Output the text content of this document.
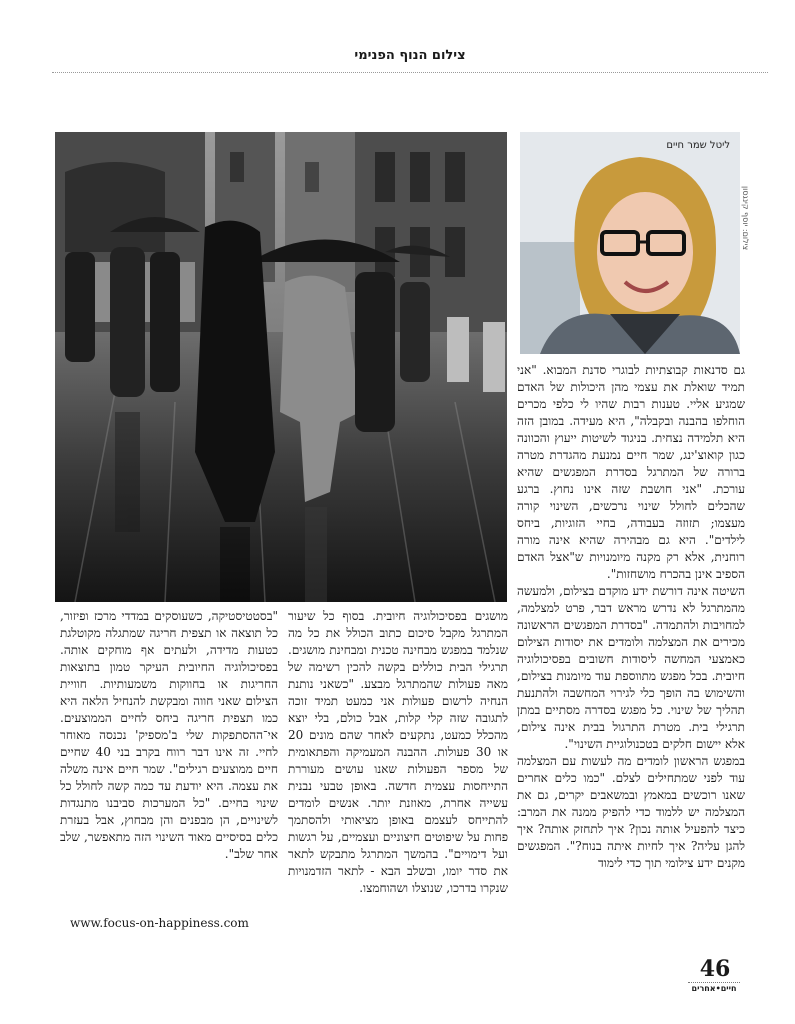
צילום הנוף הפנימי
ליטל שמר חיים
צילום: יוסף קינגסון

גם סדנאות קבוצתיות לבוגרי סדנת המבוא. "אני תמיד שואלת את עצמי מהן היכולות של האדם שמגיע אליי. טענות רבות שהיו לי כלפי מכרים הוחלפו בהבנה ובקבלה", היא מעידה. במובן הזה היא תלמידה נצחית. בניגוד לשיטות ייעוץ והכוונה כגון קואוצ'ינג, שמר חיים נמנעת מהגדרת מטרה ברורה של המתרגל בסדרת המפגשים שהיא עורכת. "אני חושבת שזה אינו נחוץ. ברגע שהכלים לחולל שינוי נרכשים, השינוי קורה מעצמו; תזוזה בעבודה, בחיי הזוגיות, ביחס לילדים". היא גם מבהירה שהיא אינה מורה רוחנית, אלא רק מקנה מיומנויות ש"אצל האדם הספיב אינן בהכרח מושחזות".

השיטה אינה דורשת ידע מוקדם בצילום, ולמעשה מהמתרגל לא נדרש מראש דבר, פרט למצלמה, למחויבות ולהתמדה. "בסדרת המפגשים הראשונה מכירים את המצלמה ולומדים את יסודות הצילום כאמצעי המחשה ליסודות חשובים בפסיכולוגיה חיובית. בכל מפגש מתווספת עוד מיומנות בצילום, והשימוש בה הופך כלי לגירוי המחשבה ולהתנעת תהליך של שינוי. כל מפגש בסדרה מסתיים במתן תרגילי בית. מטרת התרגול בבית אינה צילום, אלא יישום חלקים בטכנולוגיית השינוי".

במפגש הראשון לומדים מה לעשות עם המצלמה עוד לפני שמתחילים לצלם. "כמו כלים אחרים שאנו רוכשים במאמץ ובמשאבים יקרים, גם את המצלמה יש ללמוד כדי להפיק ממנה את המרב: כיצד להפעיל אותה נכון? איך לתחזק אותה? איך להגן עליה? איך לחיות איתה בנוח?". המפגשים מקנים ידע צילומי תוך כדי לימוד

מושגים בפסיכולוגיה חיובית. בסוף כל שיעור המתרגל מקבל סיכום כתוב הכולל את כל מה שנלמד במפגש מבחינה טכנית ומבחינת מושגים. תרגילי הבית כוללים בקשה להכין רשימה של מאה פעולות שהמתרגל מבצע. "כשאני נותנת הנחיה לרשום פעולות אני כמעט תמיד זוכה לתגובה שזה קלי קלות, אבל כולם, בלי יוצא מהכלל כמעט, נתקעים לאחר שהם מונים 20 או 30 פעולות. ההבנה המעמיקה והפתאומית של מספר הפעולות שאנו עושים מעוררת התייחסות עצמית חדשה. באופן טבעי נבנית עשייה אחרת, מאוזנת יותר. אנשים לומדים להתייחס לעצמם באופן מציאותי ולהסתמך פחות על שיפוטים חיצוניים ועצמיים, על רגשות ועל דימויים". בהמשך המתרגל מתבקש לתאר את סדר יומו, ובשלב הבא - לתאר הזדמנויות שנקרו בדרכו, שנוצלו ושהוחמצו.

"בסטטיסטיקה, כשעוסקים במדדי מרכז ופיזור, כל תוצאה או תצפית חריגה שמתגלה מקוטלגת כטעות מדידה, ולעתים אף מוחקים אותה. בפסיכולוגיה החיובית העיקר טמון בתוצאות החריגות או בחווקות משמעותיות. חוויית הצילום שאני חווה ומבקשת להנחיל הלאה היא כמו תצפית חריגה ביחס לחיים הממוצעים. אי־ההסתפקות שלי ב'מספיק' נכנסה מאוחר לחיי. זה אינו דבר רווח בקרב בני 40 שחיים חיים ממוצעים רגילים". שמר חיים אינה משלה את עצמה. היא יודעת עד כמה קשה לחולל כל שינוי בחיים. "כל המערכות סביבנו מתנגדות לשינויים, הן מבפנים והן מבחוץ, אבל בעזרת כלים בסיסיים מאוד השינוי הזה מתאפשר, שלב אחר שלב".

www.focus-on-happiness.com
46
חיים•אחרים
